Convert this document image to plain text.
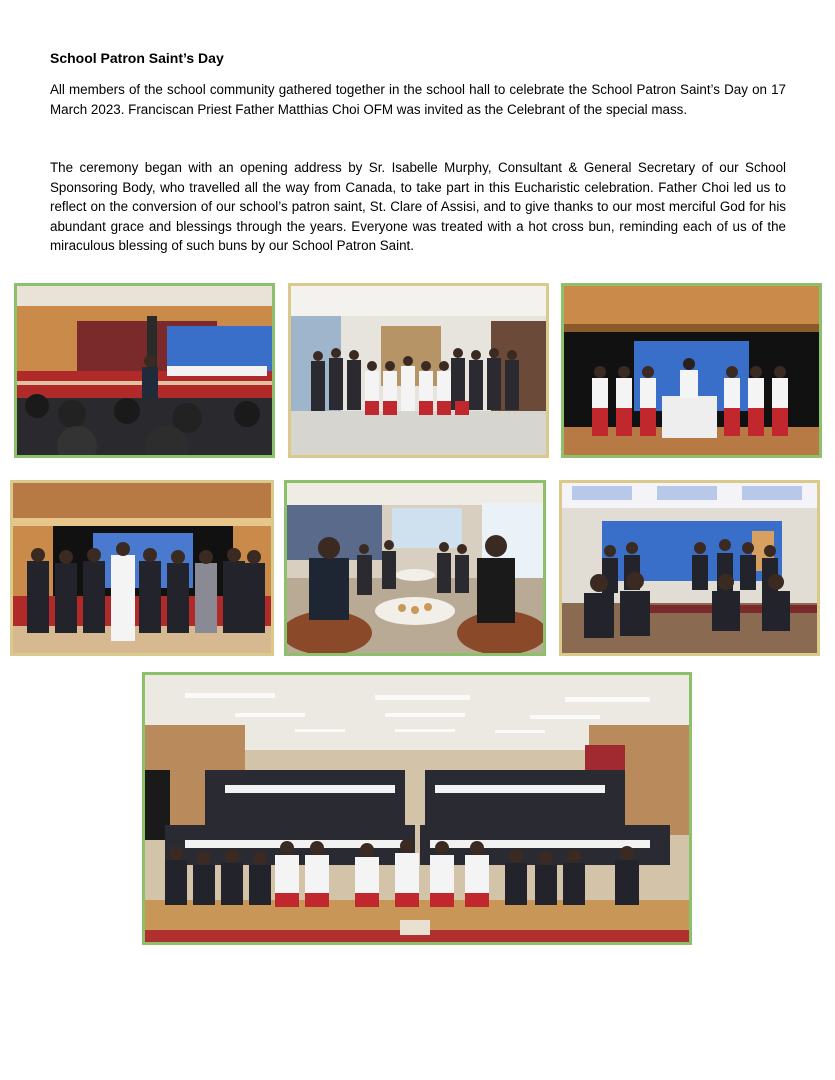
School Patron Saint’s Day

All members of the school community gathered together in the school hall to celebrate the School Patron Saint’s Day on 17 March 2023. Franciscan Priest Father Matthias Choi OFM was invited as the Celebrant of the special mass.

The ceremony began with an opening address by Sr. Isabelle Murphy, Consultant & General Secretary of our School Sponsoring Body, who travelled all the way from Canada, to take part in this Eucharistic celebration. Father Choi led us to reflect on the conversion of our school’s patron saint, St. Clare of Assisi, and to give thanks to our most merciful God for his abundant grace and blessings through the years. Everyone was treated with a hot cross bun, reminding each of us of the miraculous blessing of such buns by our School Patron Saint.
